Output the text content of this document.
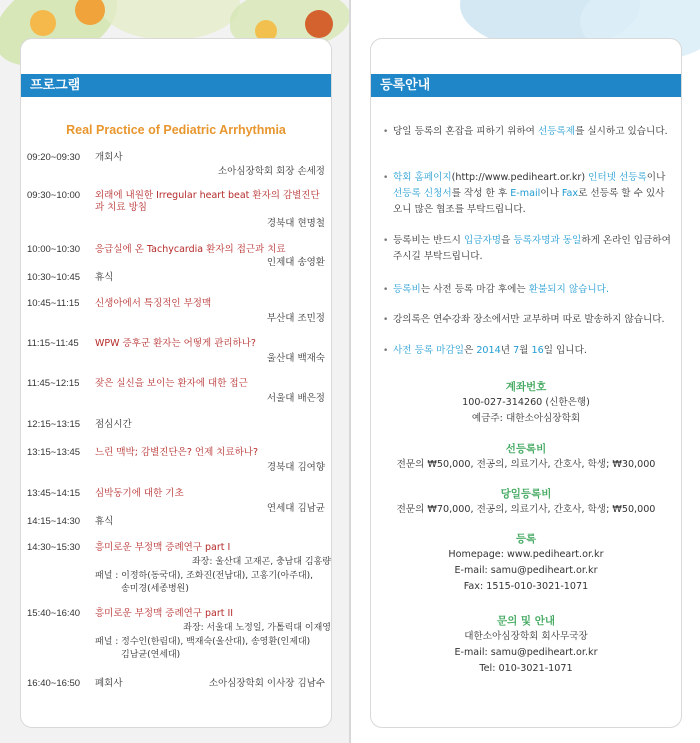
프로그램
Real Practice of Pediatric Arrhythmia
09:20~09:30 개회사
소아심장학회 회장 손세정
09:30~10:00 외래에 내원한 Irregular heart beat 환자의 감별진단과 치료 방침
경북대 현명철
10:00~10:30 응급실에 온 Tachycardia 환자의 접근과 치료
인제대 송영환
10:30~10:45 휴식
10:45~11:15 신생아에서 특징적인 부정맥
부산대 조민정
11:15~11:45 WPW 증후군 환자는 어떻게 관리하나?
울산대 백재숙
11:45~12:15 잦은 실신을 보이는 환자에 대한 접근
서울대 배은정
12:15~13:15 점심시간
13:15~13:45 느린 맥박; 감별진단은? 언제 치료하나?
경북대 김여향
13:45~14:15 심박동기에 대한 기초
연세대 김남균
14:15~14:30 휴식
14:30~15:30 흥미로운 부정맥 증례연구 part I
좌장: 울산대 고재곤, 충남대 김홍량
패널 : 이정하(동국대), 조화진(전남대), 고홍기(아주대),
송미경(세종병원)
15:40~16:40 흥미로운 부정맥 증례연구 part II
좌장: 서울대 노정일, 가톨릭대 이재영
패널 : 정수인(한림대), 백재숙(울산대), 송영환(인제대)
김남균(연세대)
16:40~16:50 폐회사	소아심장학회 이사장 김남수
등록안내
• 당일 등록의 혼잡을 피하기 위하여 선등록제를 실시하고 있습니다.
• 학회 홈페이지(http://www.pediheart.or.kr) 인터넷 선등록이나 선등록 신청서를 작성 한 후 E-mail이나 Fax로 선등록 할 수 있사오니 많은 협조를 부탁드립니다.
• 등록비는 반드시 입금자명을 등록자명과 동일하게 온라인 입금하여 주시길 부탁드립니다.
• 등록비는 사전 등록 마감 후에는 환불되지 않습니다.
• 강의록은 연수강좌 장소에서만 교부하며 따로 발송하지 않습니다.
• 사전 등록 마감일은 2014년 7월 16일 입니다.
계좌번호
100-027-314260 (신한은행)
예금주: 대한소아심장학회
선등록비
전문의 ₩50,000, 전공의, 의료기사, 간호사, 학생; ₩30,000
당일등록비
전문의 ₩70,000, 전공의, 의료기사, 간호사, 학생; ₩50,000
등록
Homepage: www.pediheart.or.kr
E-mail: samu@pediheart.or.kr
Fax: 1515-010-3021-1071
문의 및 안내
대한소아심장학회 회사무국장
E-mail: samu@pediheart.or.kr
Tel: 010-3021-1071
